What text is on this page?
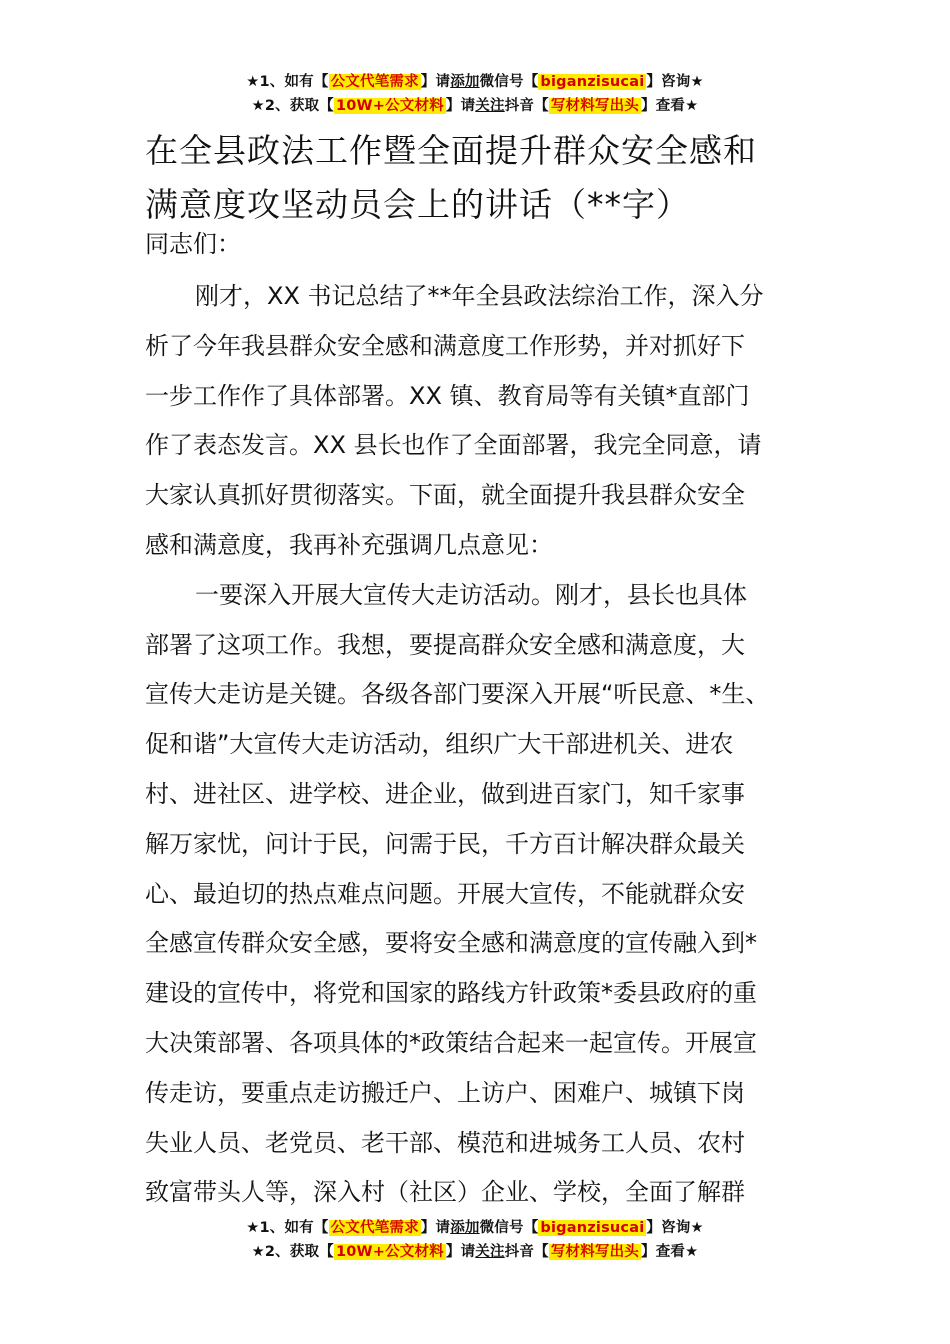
★1、如有【 公文代笔需求 】请添加微信号【 biganzisucai 】咨询★
★2、获取【 10W+公文材料 】请关注抖音【 写材料写出头 】查看★
在全县政法工作暨全面提升群众安全感和
满意度攻坚动员会上的讲话（**字）
同志们：
刚才，XX 书记总结了**年全县政法综治工作，深入分
析了今年我县群众安全感和满意度工作形势，并对抓好下
一步工作作了具体部署。XX 镇、教育局等有关镇*直部门
作了表态发言。XX 县长也作了全面部署，我完全同意，请
大家认真抓好贯彻落实。下面，就全面提升我县群众安全
感和满意度，我再补充强调几点意见：
一要深入开展大宣传大走访活动。刚才，县长也具体
部署了这项工作。我想，要提高群众安全感和满意度，大
宣传大走访是关键。各级各部门要深入开展“听民意、*生、
促和谐”大宣传大走访活动，组织广大干部进机关、进农
村、进社区、进学校、进企业，做到进百家门，知千家事
解万家忧，问计于民，问需于民，千方百计解决群众最关
心、最迫切的热点难点问题。开展大宣传，不能就群众安
全感宣传群众安全感，要将安全感和满意度的宣传融入到*
建设的宣传中，将党和国家的路线方针政策*委县政府的重
大决策部署、各项具体的*政策结合起来一起宣传。开展宣
传走访，要重点走访搬迁户、上访户、困难户、城镇下岗
失业人员、老党员、老干部、模范和进城务工人员、农村
致富带头人等，深入村（社区）企业、学校，全面了解群
★1、如有【 公文代笔需求 】请添加微信号【 biganzisucai 】咨询★
★2、获取【 10W+公文材料 】请关注抖音【 写材料写出头 】查看★
